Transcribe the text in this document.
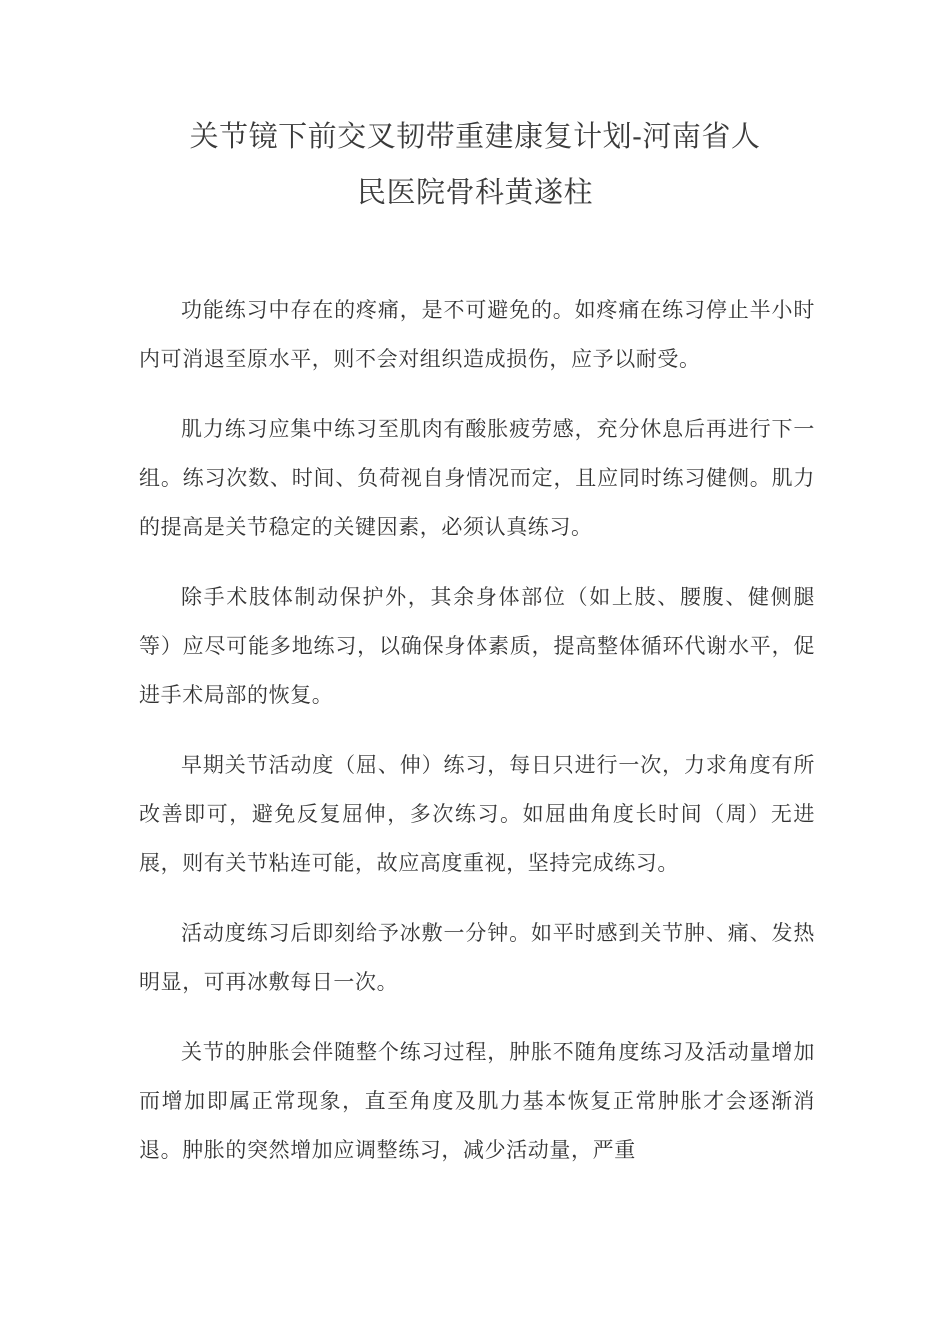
关节镜下前交叉韧带重建康复计划-河南省人
民医院骨科黄遂柱

功能练习中存在的疼痛，是不可避免的。如疼痛在练习停止半小时内可消退至原水平，则不会对组织造成损伤，应予以耐受。

肌力练习应集中练习至肌肉有酸胀疲劳感，充分休息后再进行下一组。练习次数、时间、负荷视自身情况而定，且应同时练习健侧。肌力的提高是关节稳定的关键因素，必须认真练习。

除手术肢体制动保护外，其余身体部位（如上肢、腰腹、健侧腿等）应尽可能多地练习，以确保身体素质，提高整体循环代谢水平，促进手术局部的恢复。

早期关节活动度（屈、伸）练习，每日只进行一次，力求角度有所改善即可，避免反复屈伸，多次练习。如屈曲角度长时间（周）无进展，则有关节粘连可能，故应高度重视，坚持完成练习。

活动度练习后即刻给予冰敷一分钟。如平时感到关节肿、痛、发热明显，可再冰敷每日一次。

关节的肿胀会伴随整个练习过程，肿胀不随角度练习及活动量增加而增加即属正常现象，直至角度及肌力基本恢复正常肿胀才会逐渐消退。肿胀的突然增加应调整练习，减少活动量，严重
